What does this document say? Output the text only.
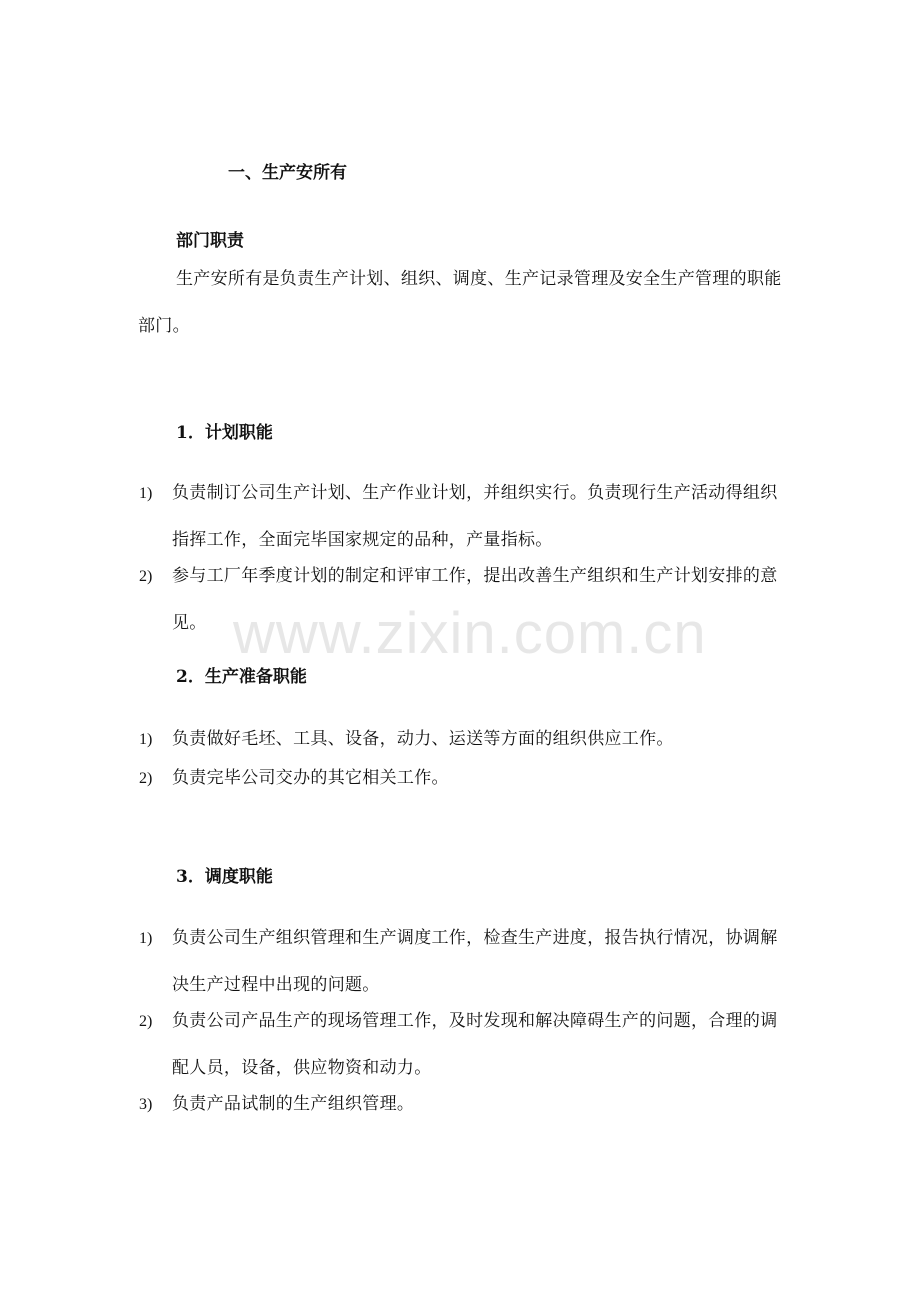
一、生产安所有
部门职责
生产安所有是负责生产计划、组织、调度、生产记录管理及安全生产管理的职能部门。
1．计划职能
1) 负责制订公司生产计划、生产作业计划，并组织实行。负责现行生产活动得组织指挥工作，全面完毕国家规定的品种，产量指标。
2) 参与工厂年季度计划的制定和评审工作，提出改善生产组织和生产计划安排的意见。
2．生产准备职能
1) 负责做好毛坯、工具、设备，动力、运送等方面的组织供应工作。
2) 负责完毕公司交办的其它相关工作。
3．调度职能
1) 负责公司生产组织管理和生产调度工作，检查生产进度，报告执行情况，协调解决生产过程中出现的问题。
2) 负责公司产品生产的现场管理工作，及时发现和解决障碍生产的问题，合理的调配人员，设备，供应物资和动力。
3) 负责产品试制的生产组织管理。
www.zixin.com.cn
